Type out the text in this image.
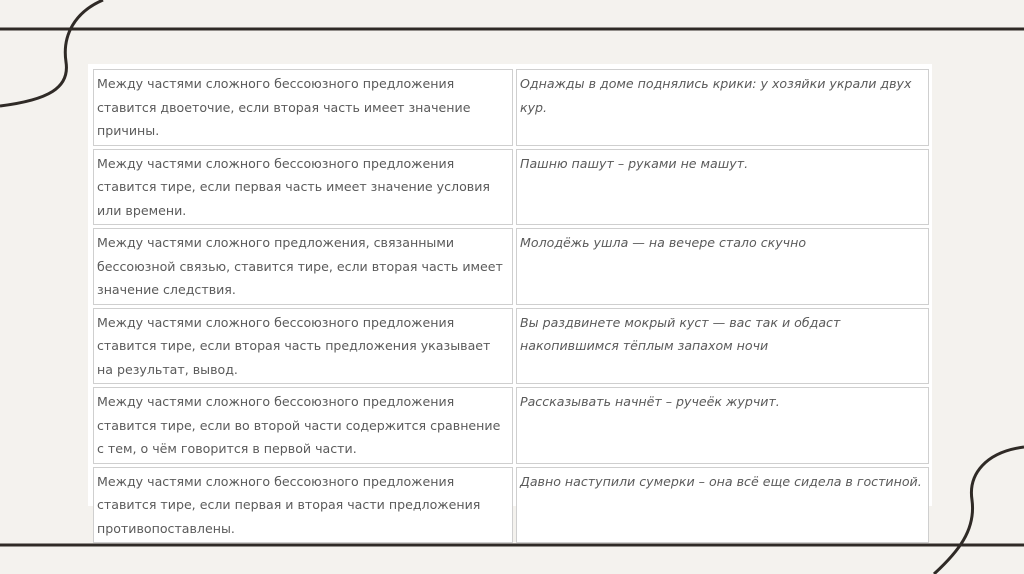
Между частями сложного бессоюзного предложения ставится двоеточие, если вторая часть имеет значение причины.	Однажды в доме поднялись крики: у хозяйки украли двух кур.
Между частями сложного бессоюзного предложения ставится тире, если первая часть имеет значение условия или времени.	Пашню пашут – руками не машут.
Между частями сложного предложения, связанными бессоюзной связью, ставится тире, если вторая часть имеет значение следствия.	Молодёжь ушла — на вечере стало скучно
Между частями сложного бессоюзного предложения ставится тире, если вторая часть предложения указывает на результат, вывод.	Вы раздвинете мокрый куст — вас так и обдаст накопившимся тёплым запахом ночи
Между частями сложного бессоюзного предложения ставится тире, если во второй части содержится сравнение с тем, о чём говорится в первой части.	Рассказывать начнёт – ручеёк журчит.
Между частями сложного бессоюзного предложения ставится тире, если первая и вторая части предложения противопоставлены.	Давно наступили сумерки – она всё еще сидела в гостиной.
